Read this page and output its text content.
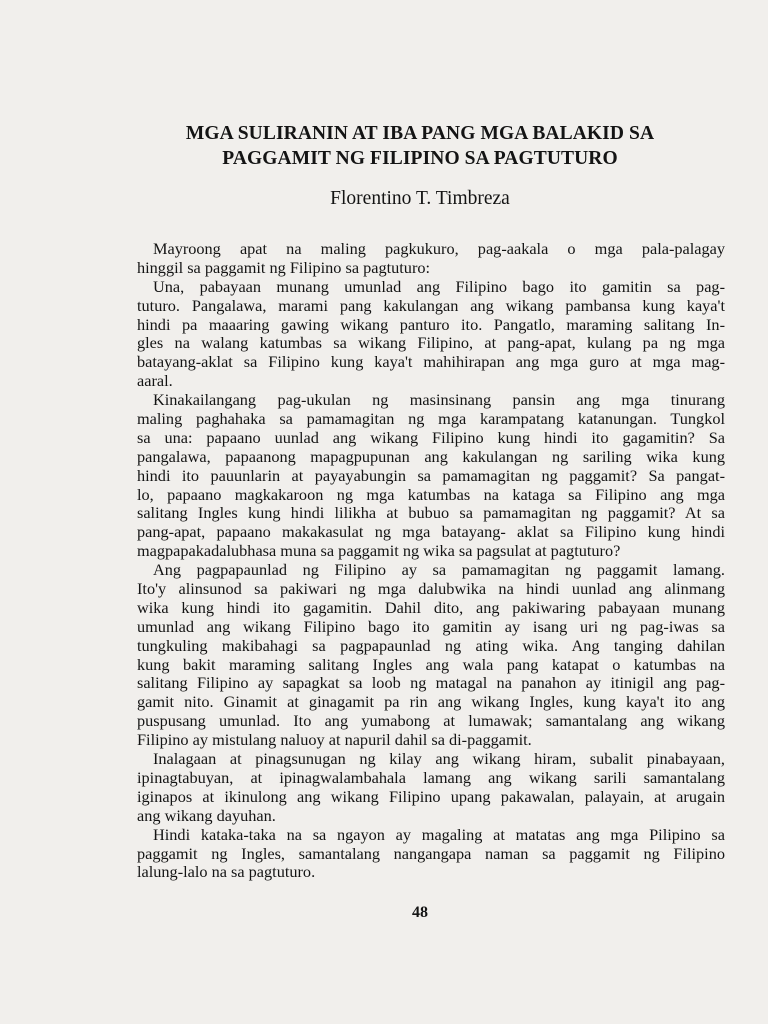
MGA SULIRANIN AT IBA PANG MGA BALAKID SA
PAGGAMIT NG FILIPINO SA PAGTUTURO

Florentino T. Timbreza

Mayroong apat na maling pagkukuro, pag-aakala o mga pala-palagay
hinggil sa paggamit ng Filipino sa pagtuturo:
Una, pabayaan munang umunlad ang Filipino bago ito gamitin sa pag-
tuturo. Pangalawa, marami pang kakulangan ang wikang pambansa kung kaya't
hindi pa maaaring gawing wikang panturo ito. Pangatlo, maraming salitang In-
gles na walang katumbas sa wikang Filipino, at pang-apat, kulang pa ng mga
batayang-aklat sa Filipino kung kaya't mahihirapan ang mga guro at mga mag-
aaral.
Kinakailangang pag-ukulan ng masinsinang pansin ang mga tinurang
maling paghahaka sa pamamagitan ng mga karampatang katanungan. Tungkol
sa una: papaano uunlad ang wikang Filipino kung hindi ito gagamitin? Sa
pangalawa, papaanong mapagpupunan ang kakulangan ng sariling wika kung
hindi ito pauunlarin at payayabungin sa pamamagitan ng paggamit? Sa pangat-
lo, papaano magkakaroon ng mga katumbas na kataga sa Filipino ang mga
salitang Ingles kung hindi lilikha at bubuo sa pamamagitan ng paggamit? At sa
pang-apat, papaano makakasulat ng mga batayang- aklat sa Filipino kung hindi
magpapakadalubhasa muna sa paggamit ng wika sa pagsulat at pagtuturo?
Ang pagpapaunlad ng Filipino ay sa pamamagitan ng paggamit lamang.
Ito'y alinsunod sa pakiwari ng mga dalubwika na hindi uunlad ang alinmang
wika kung hindi ito gagamitin. Dahil dito, ang pakiwaring pabayaan munang
umunlad ang wikang Filipino bago ito gamitin ay isang uri ng pag-iwas sa
tungkuling makibahagi sa pagpapaunlad ng ating wika. Ang tanging dahilan
kung bakit maraming salitang Ingles ang wala pang katapat o katumbas na
salitang Filipino ay sapagkat sa loob ng matagal na panahon ay itinigil ang pag-
gamit nito. Ginamit at ginagamit pa rin ang wikang Ingles, kung kaya't ito ang
puspusang umunlad. Ito ang yumabong at lumawak; samantalang ang wikang
Filipino ay mistulang naluoy at napuril dahil sa di-paggamit.
Inalagaan at pinagsunugan ng kilay ang wikang hiram, subalit pinabayaan,
ipinagtabuyan, at ipinagwalambahala lamang ang wikang sarili samantalang
iginapos at ikinulong ang wikang Filipino upang pakawalan, palayain, at arugain
ang wikang dayuhan.
Hindi kataka-taka na sa ngayon ay magaling at matatas ang mga Pilipino sa
paggamit ng Ingles, samantalang nangangapa naman sa paggamit ng Filipino
lalung-lalo na sa pagtuturo.

48
